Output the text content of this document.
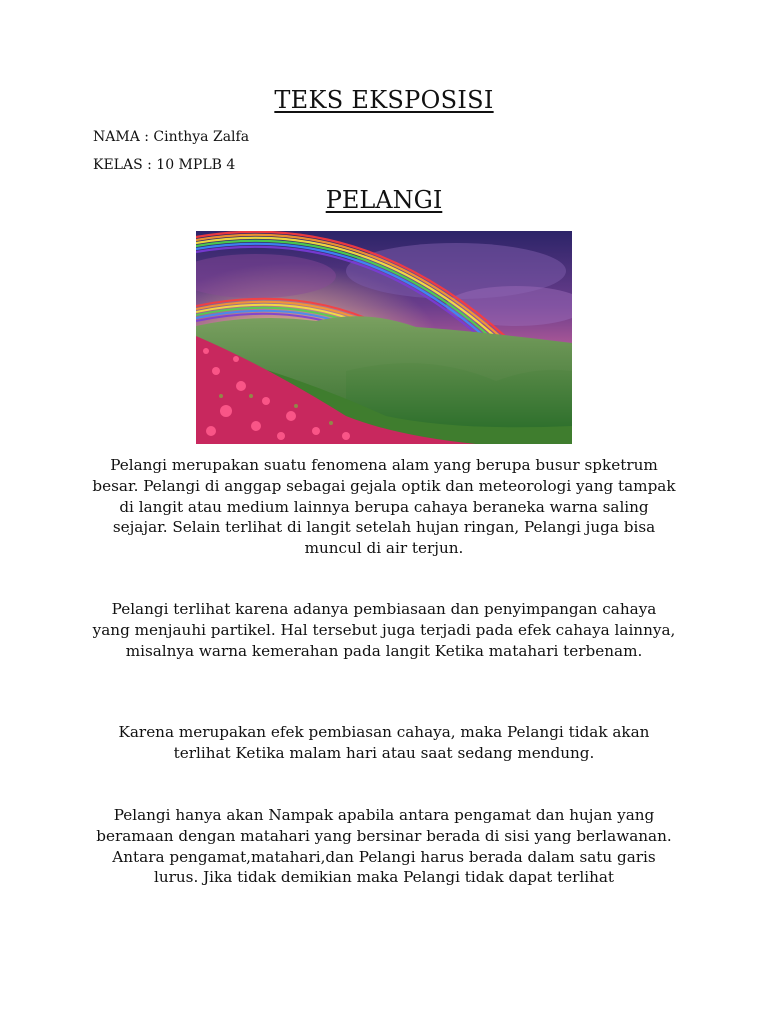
TEKS EKSPOSISI
NAMA : Cinthya Zalfa
KELAS : 10 MPLB 4
PELANGI

Pelangi merupakan suatu fenomena alam yang berupa busur spketrum besar. Pelangi di anggap sebagai gejala optik dan meteorologi yang tampak di langit atau medium lainnya berupa cahaya beraneka warna saling sejajar. Selain terlihat di langit setelah hujan ringan, Pelangi juga bisa muncul di air terjun.

Pelangi terlihat karena adanya pembiasaan dan penyimpangan cahaya yang menjauhi partikel. Hal tersebut juga terjadi pada efek cahaya lainnya, misalnya warna kemerahan pada langit Ketika matahari terbenam.

Karena merupakan efek pembiasan cahaya, maka Pelangi tidak akan terlihat Ketika malam hari atau saat sedang mendung.

Pelangi hanya akan Nampak apabila antara pengamat dan hujan yang beramaan dengan matahari yang bersinar berada di sisi yang berlawanan. Antara pengamat,matahari,dan Pelangi harus berada dalam satu garis lurus. Jika tidak demikian maka Pelangi tidak dapat terlihat
